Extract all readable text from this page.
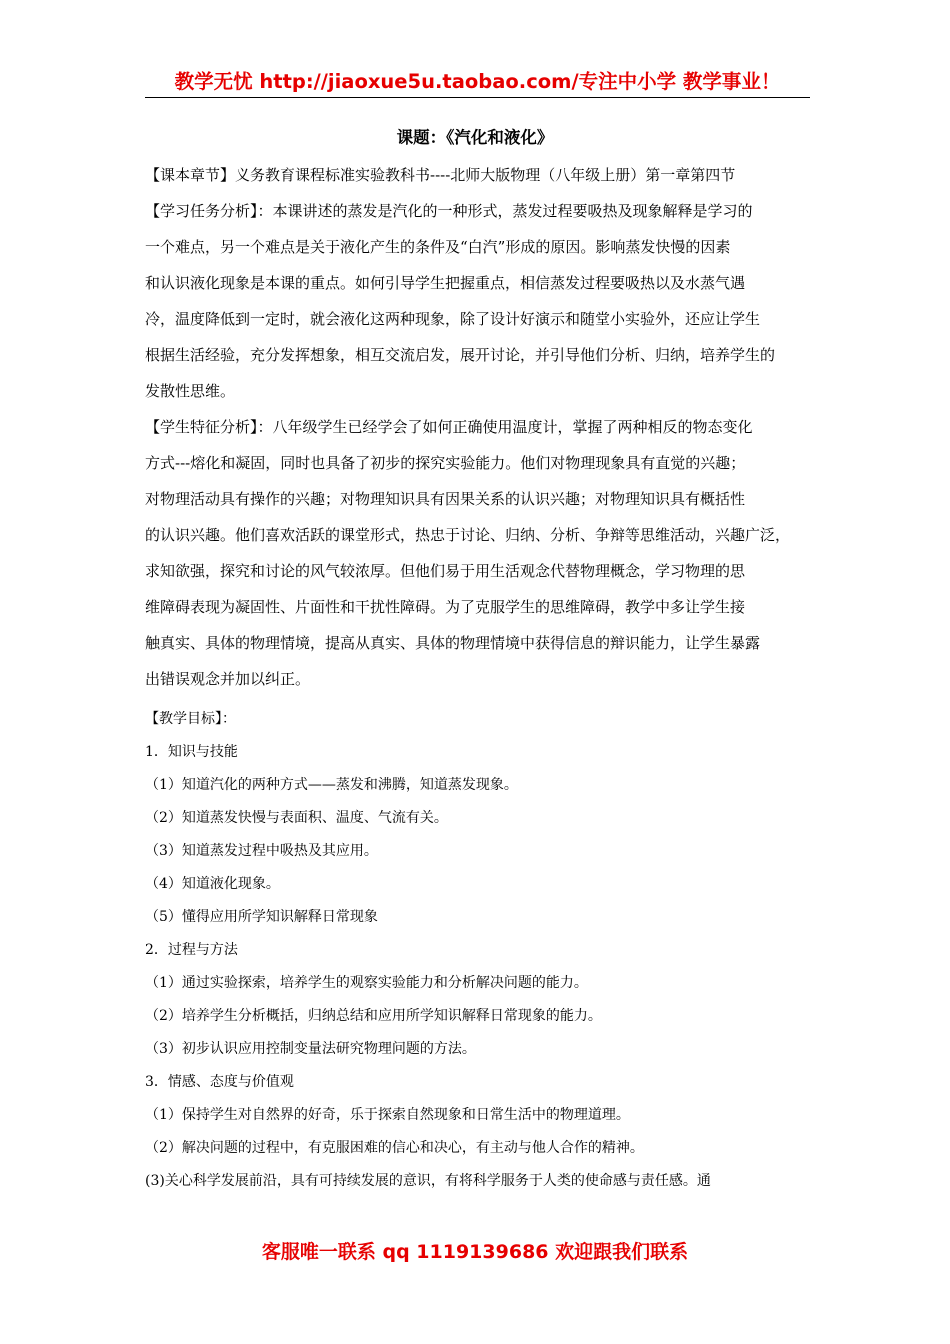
教学无忧 http://jiaoxue5u.taobao.com/专注中小学 教学事业！
课题：《汽化和液化》
【课本章节】义务教育课程标准实验教科书----北师大版物理（八年级上册）第一章第四节
【学习任务分析】：本课讲述的蒸发是汽化的一种形式，蒸发过程要吸热及现象解释是学习的
一个难点，另一个难点是关于液化产生的条件及“白汽”形成的原因。影响蒸发快慢的因素
和认识液化现象是本课的重点。如何引导学生把握重点，相信蒸发过程要吸热以及水蒸气遇
冷，温度降低到一定时，就会液化这两种现象，除了设计好演示和随堂小实验外，还应让学生
根据生活经验，充分发挥想象，相互交流启发，展开讨论，并引导他们分析、归纳，培养学生的
发散性思维。
【学生特征分析】：八年级学生已经学会了如何正确使用温度计，掌握了两种相反的物态变化
方式---熔化和凝固，同时也具备了初步的探究实验能力。他们对物理现象具有直觉的兴趣；
对物理活动具有操作的兴趣；对物理知识具有因果关系的认识兴趣；对物理知识具有概括性
的认识兴趣。他们喜欢活跃的课堂形式，热忠于讨论、归纳、分析、争辩等思维活动，兴趣广泛，
求知欲强，探究和讨论的风气较浓厚。但他们易于用生活观念代替物理概念，学习物理的思
维障碍表现为凝固性、片面性和干扰性障碍。为了克服学生的思维障碍，教学中多让学生接
触真实、具体的物理情境，提高从真实、具体的物理情境中获得信息的辩识能力，让学生暴露
出错误观念并加以纠正。
【教学目标】：
1．知识与技能
（1）知道汽化的两种方式——蒸发和沸腾，知道蒸发现象。
（2）知道蒸发快慢与表面积、温度、气流有关。
（3）知道蒸发过程中吸热及其应用。
（4）知道液化现象。
（5）懂得应用所学知识解释日常现象
2．过程与方法
（1）通过实验探索，培养学生的观察实验能力和分析解决问题的能力。
（2）培养学生分析概括，归纳总结和应用所学知识解释日常现象的能力。
（3）初步认识应用控制变量法研究物理问题的方法。
3．情感、态度与价值观
（1）保持学生对自然界的好奇，乐于探索自然现象和日常生活中的物理道理。
（2）解决问题的过程中，有克服困难的信心和决心，有主动与他人合作的精神。
(3)关心科学发展前沿，具有可持续发展的意识，有将科学服务于人类的使命感与责任感。通
客服唯一联系 qq 1119139686 欢迎跟我们联系
